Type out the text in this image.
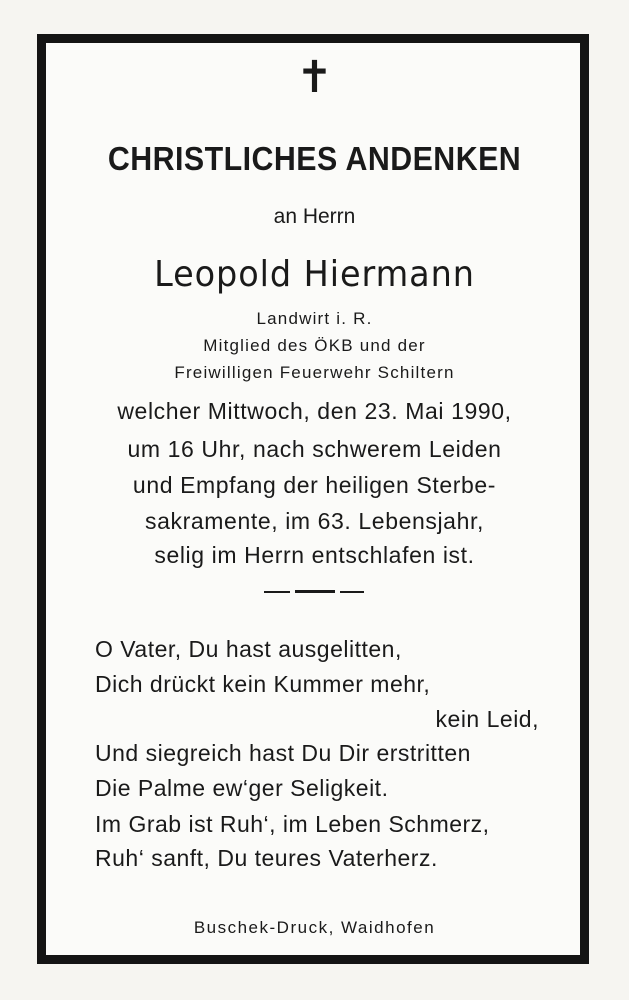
✝
CHRISTLICHES ANDENKEN
an Herrn
Leopold Hiermann
Landwirt i. R.
Mitglied des ÖKB und der
Freiwilligen Feuerwehr Schiltern
welcher Mittwoch, den 23. Mai 1990,
um 16 Uhr, nach schwerem Leiden
und Empfang der heiligen Sterbe-
sakramente, im 63. Lebensjahr,
selig im Herrn entschlafen ist.
O Vater, Du hast ausgelitten,
Dich drückt kein Kummer mehr,
kein Leid,
Und siegreich hast Du Dir erstritten
Die Palme ew‘ger Seligkeit.
Im Grab ist Ruh‘, im Leben Schmerz,
Ruh‘ sanft, Du teures Vaterherz.
Buschek-Druck, Waidhofen
